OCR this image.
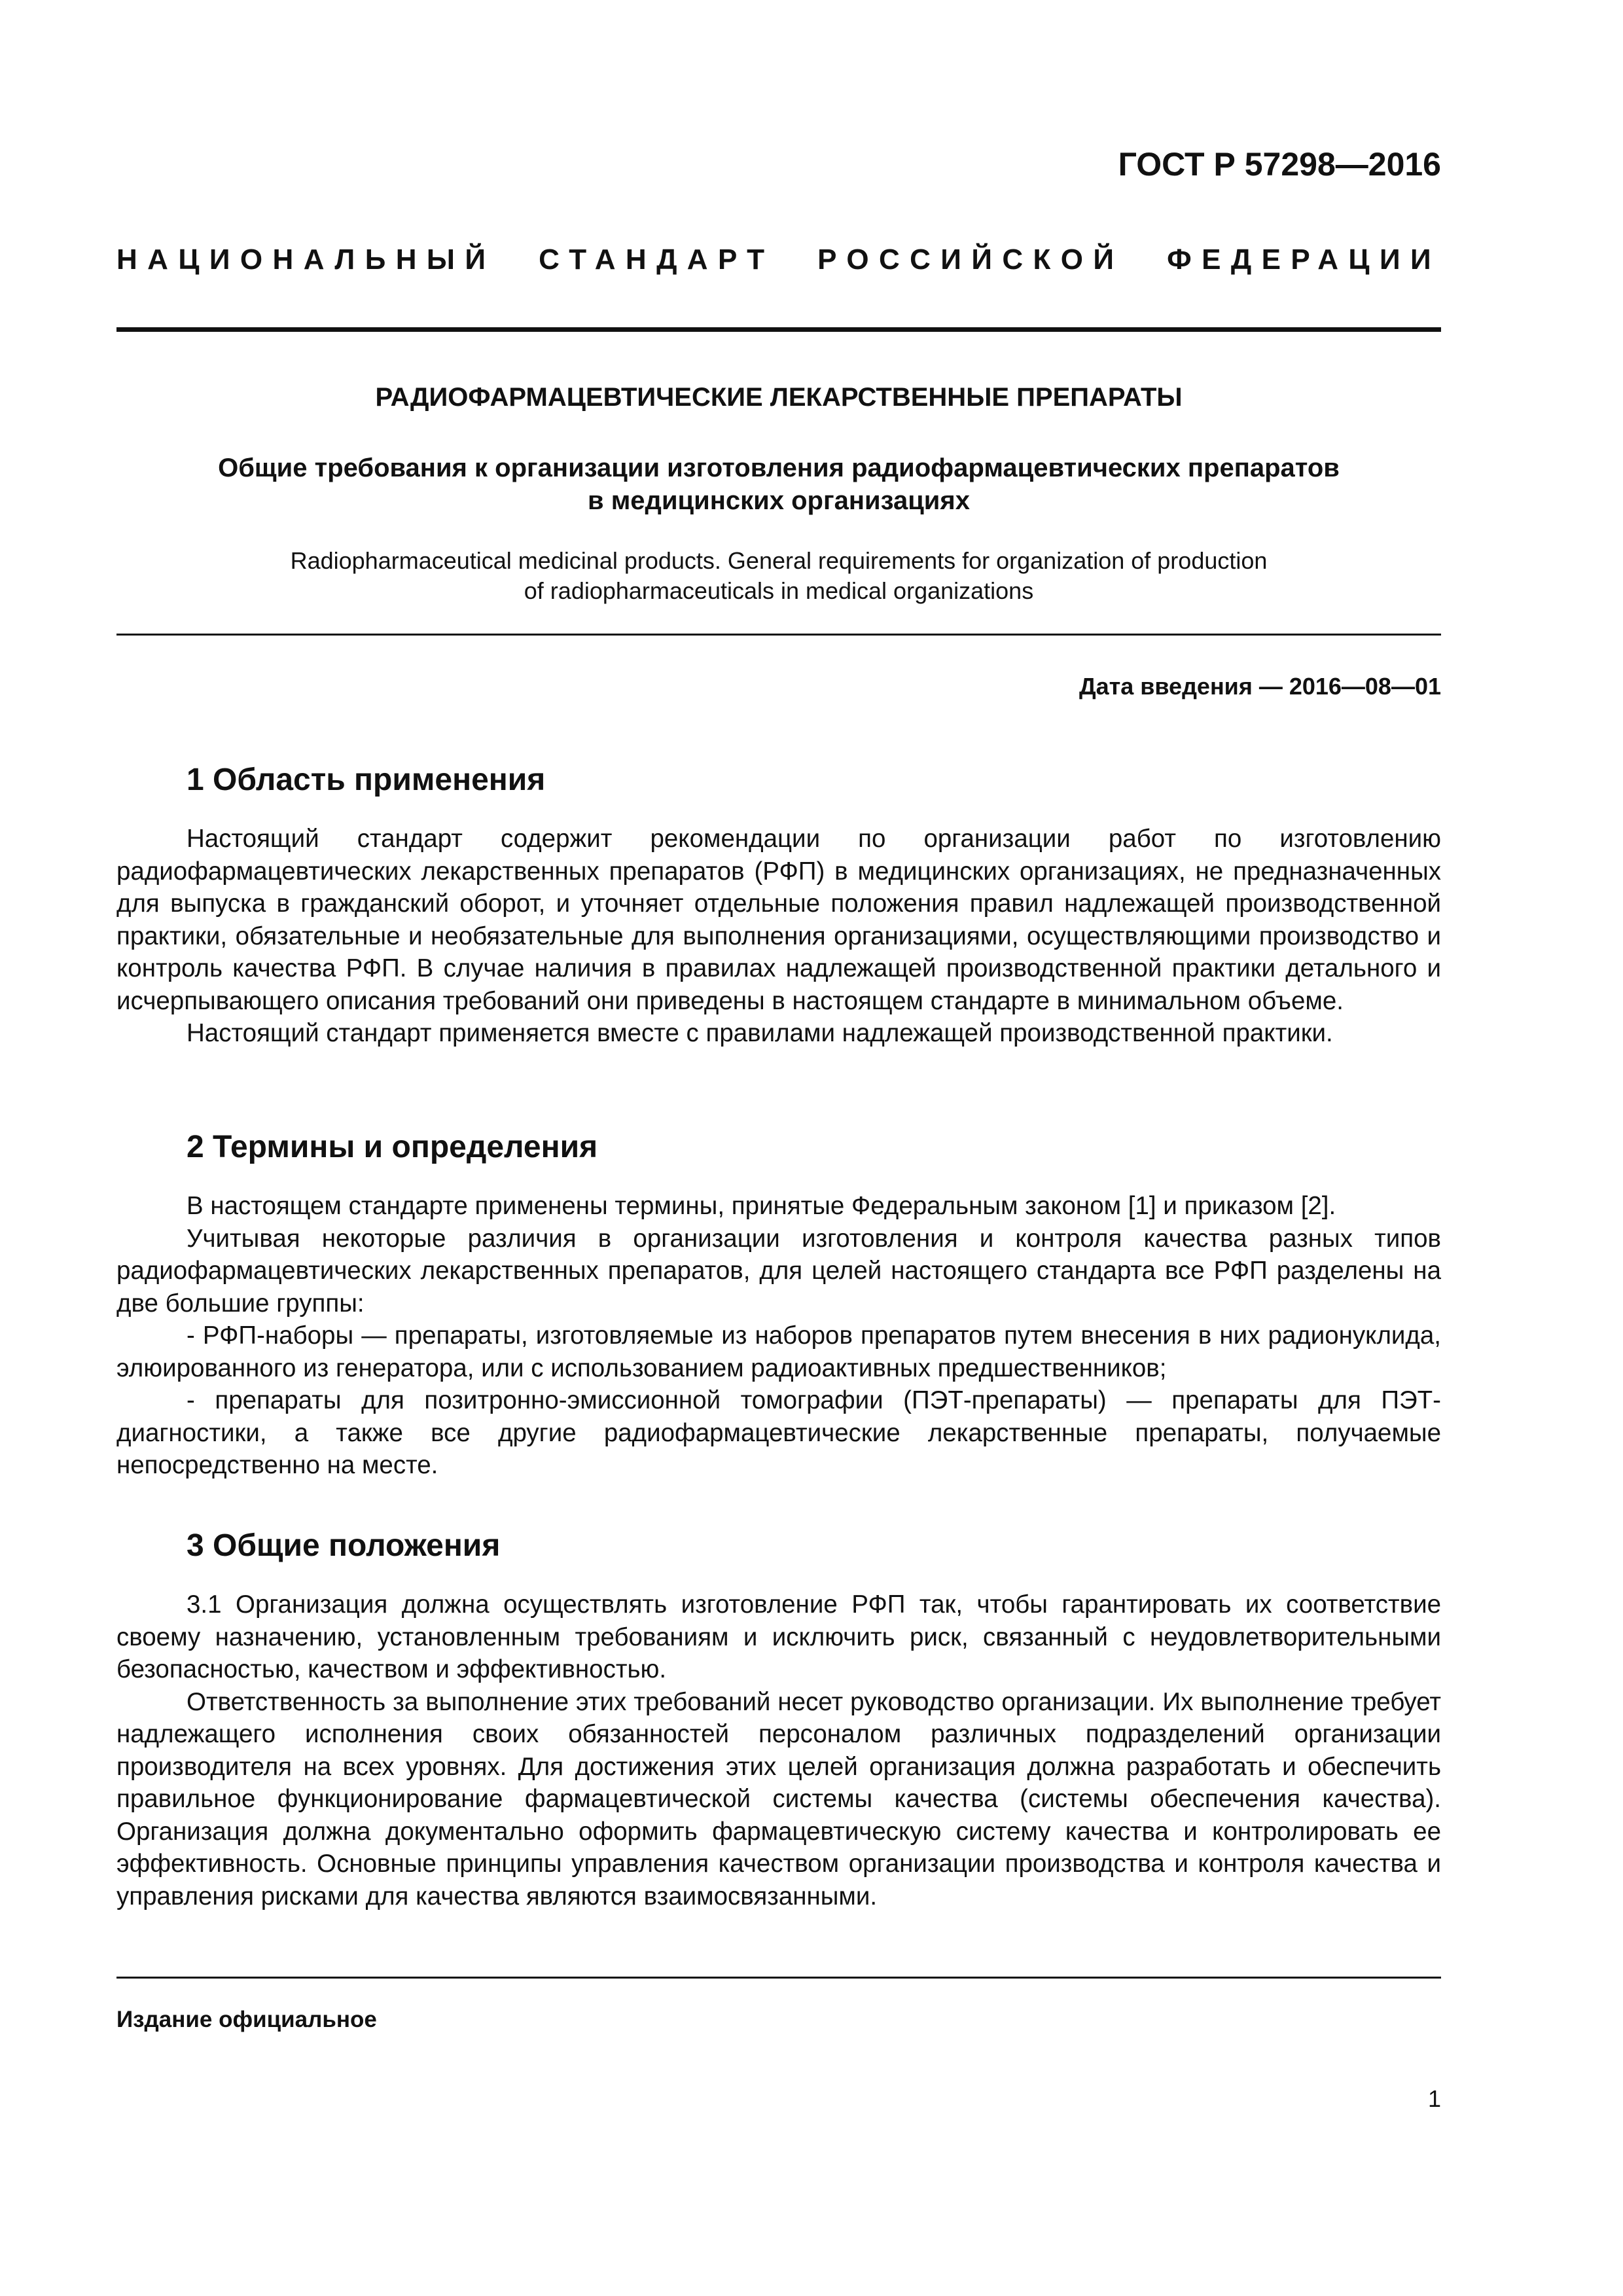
ГОСТ Р 57298—2016
НАЦИОНАЛЬНЫЙ СТАНДАРТ РОССИЙСКОЙ ФЕДЕРАЦИИ
РАДИОФАРМАЦЕВТИЧЕСКИЕ ЛЕКАРСТВЕННЫЕ ПРЕПАРАТЫ
Общие требования к организации изготовления радиофармацевтических препаратов
в медицинских организациях
Radiopharmaceutical medicinal products. General requirements for organization of production
of radiopharmaceuticals in medical organizations
Дата введения — 2016—08—01
1 Область применения

Настоящий стандарт содержит рекомендации по организации работ по изготовлению радиофармацевтических лекарственных препаратов (РФП) в медицинских организациях, не предназначенных для выпуска в гражданский оборот, и уточняет отдельные положения правил надлежащей производственной практики, обязательные и необязательные для выполнения организациями, осуществляющими производство и контроль качества РФП. В случае наличия в правилах надлежащей производственной практики детального и исчерпывающего описания требований они приведены в настоящем стандарте в минимальном объеме.

Настоящий стандарт применяется вместе с правилами надлежащей производственной практики.

2 Термины и определения

В настоящем стандарте применены термины, принятые Федеральным законом [1] и приказом [2].

Учитывая некоторые различия в организации изготовления и контроля качества разных типов радиофармацевтических лекарственных препаратов, для целей настоящего стандарта все РФП разделены на две большие группы:

- РФП-наборы — препараты, изготовляемые из наборов препаратов путем внесения в них радионуклида, элюированного из генератора, или с использованием радиоактивных предшественников;

- препараты для позитронно-эмиссионной томографии (ПЭТ-препараты) — препараты для ПЭТ-диагностики, а также все другие радиофармацевтические лекарственные препараты, получаемые непосредственно на месте.

3 Общие положения

3.1 Организация должна осуществлять изготовление РФП так, чтобы гарантировать их соответствие своему назначению, установленным требованиям и исключить риск, связанный с неудовлетворительными безопасностью, качеством и эффективностью.

Ответственность за выполнение этих требований несет руководство организации. Их выполнение требует надлежащего исполнения своих обязанностей персоналом различных подразделений организации производителя на всех уровнях. Для достижения этих целей организация должна разработать и обеспечить правильное функционирование фармацевтической системы качества (системы обеспечения качества). Организация должна документально оформить фармацевтическую систему качества и контролировать ее эффективность. Основные принципы управления качеством организации производства и контроля качества и управления рисками для качества являются взаимосвязанными.

Издание официальное
1
